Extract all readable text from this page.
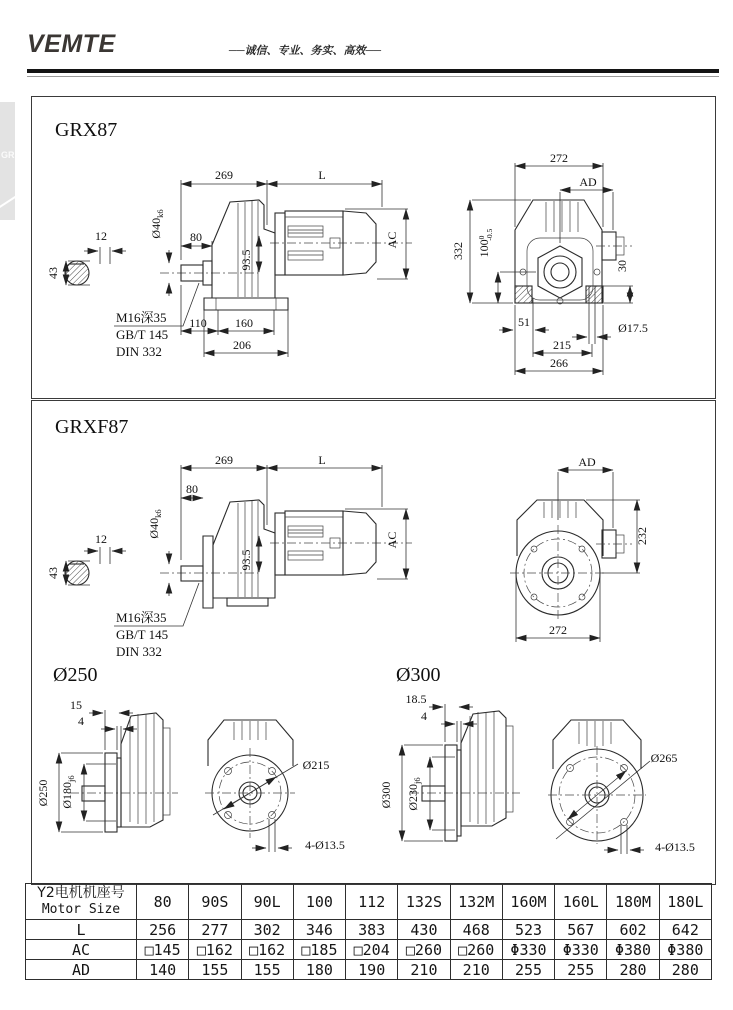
VEMTE	──诚信、专业、务实、高效──
GR
GRX87
269	L
80
$Ø40_{k6}$
93.5
AC
12
43
110 160
206
M16深35
GB/T 145
DIN 332
272
AD
332 $100^0-0.5$
30
51	Ø17.5
215
266
GRXF87
269	L
80
$Ø40_{k6}$
93.5
AC
12
43
M16深35
GB/T 145
DIN 332
AD
232
272
Ø250
15
4
Ø250 $Ø180_{j6}$
Ø215
4-Ø13.5
Ø300
18.5
4
Ø300 $Ø230_{j6}$
Ø265
4-Ø13.5
Y2电机机座号
Motor Size	80	90S	90L	100	112	132S	132M	160M	160L	180M	180L
L	256	277	302	346	383	430	468	523	567	602	642
AC	□145	□162	□162	□185	□204	□260	□260	Φ330	Φ330	Φ380	Φ380
AD	140	155	155	180	190	210	210	255	255	280	280
